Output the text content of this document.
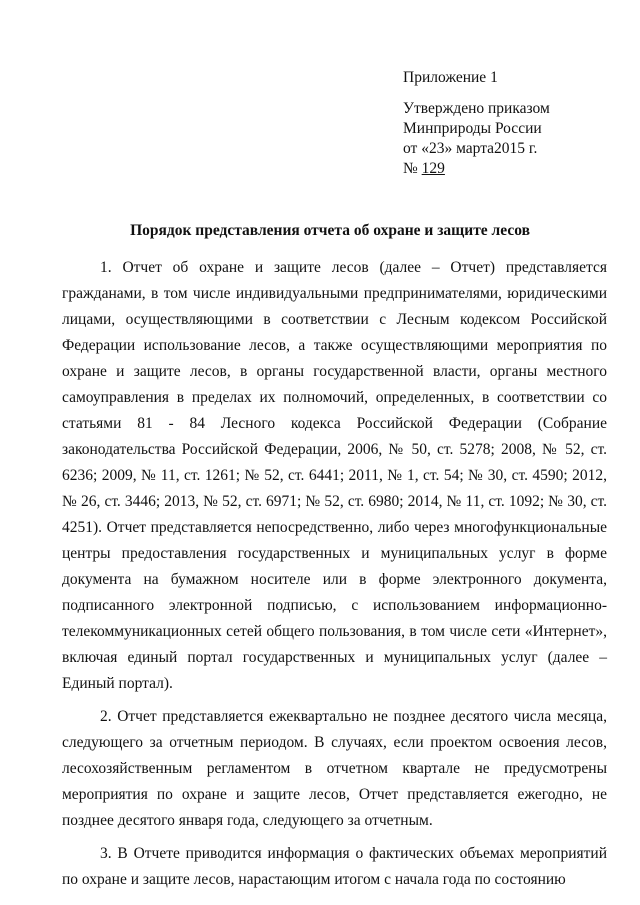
Приложение 1
Утверждено приказом
Минприроды России
от «23» марта2015 г.
№ 129
Порядок представления отчета об охране и защите лесов

1. Отчет об охране и защите лесов (далее – Отчет) представляется гражданами, в том числе индивидуальными предпринимателями, юридическими лицами, осуществляющими в соответствии с Лесным кодексом Российской Федерации использование лесов, а также осуществляющими мероприятия по охране и защите лесов, в органы государственной власти, органы местного самоуправления в пределах их полномочий, определенных, в соответствии со статьями 81 - 84 Лесного кодекса Российской Федерации (Собрание законодательства Российской Федерации, 2006, № 50, ст. 5278; 2008, № 52, ст. 6236; 2009, № 11, ст. 1261; № 52, ст. 6441; 2011, № 1, ст. 54; № 30, ст. 4590; 2012, № 26, ст. 3446; 2013, № 52, ст. 6971; № 52, ст. 6980; 2014, № 11, ст. 1092; № 30, ст. 4251). Отчет представляется непосредственно, либо через многофункциональные центры предоставления государственных и муниципальных услуг в форме документа на бумажном носителе или в форме электронного документа, подписанного электронной подписью, с использованием информационно-телекоммуникационных сетей общего пользования, в том числе сети «Интернет», включая единый портал государственных и муниципальных услуг (далее – Единый портал).

2. Отчет представляется ежеквартально не позднее десятого числа месяца, следующего за отчетным периодом. В случаях, если проектом освоения лесов, лесохозяйственным регламентом в отчетном квартале не предусмотрены мероприятия по охране и защите лесов, Отчет представляется ежегодно, не позднее десятого января года, следующего за отчетным.

3. В Отчете приводится информация о фактических объемах мероприятий по охране и защите лесов, нарастающим итогом с начала года по состоянию
